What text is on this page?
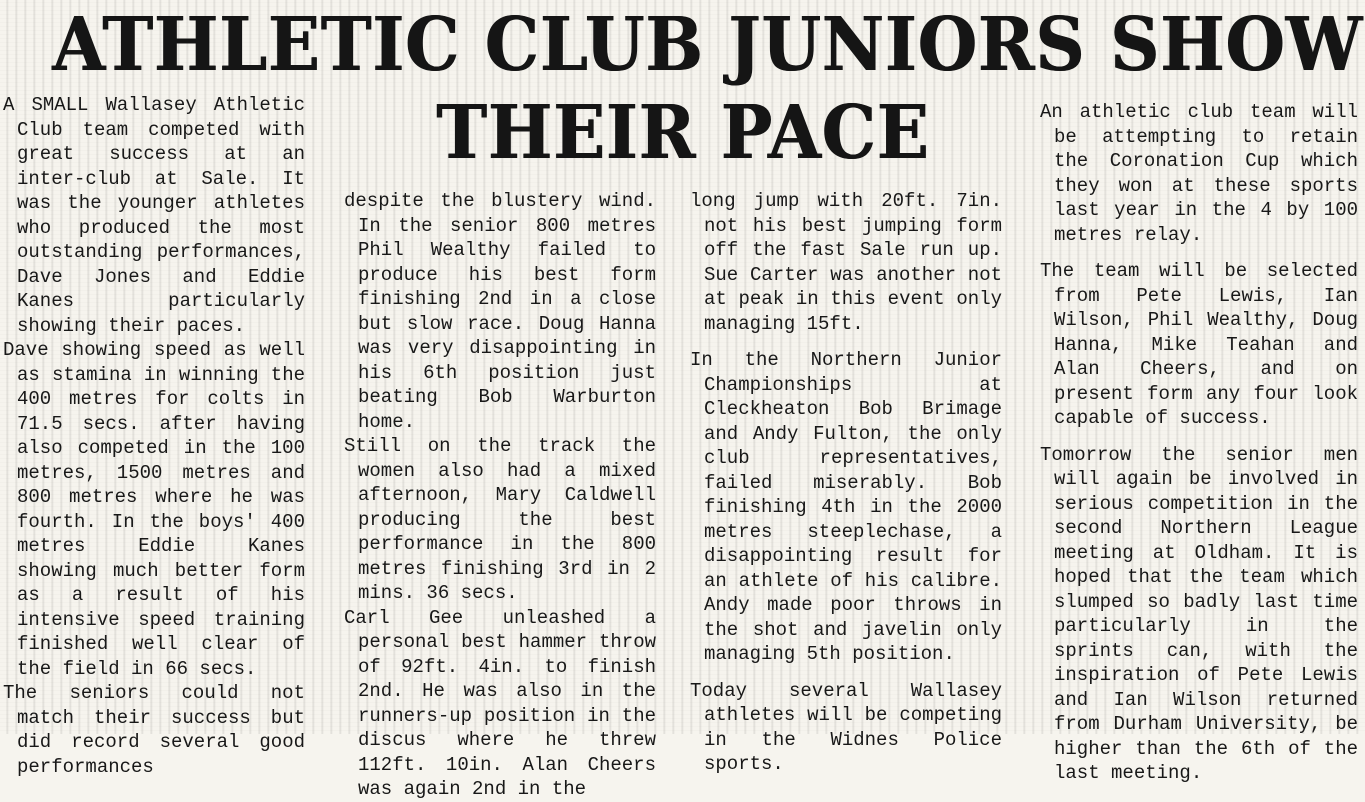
ATHLETIC CLUB JUNIORS SHOW
THEIR PACE

A SMALL Wallasey Athletic Club team competed with great success at an inter-club at Sale. It was the younger athletes who produced the most outstanding performances, Dave Jones and Eddie Kanes particularly showing their paces.

Dave showing speed as well as stamina in winning the 400 metres for colts in 71.5 secs. after having also competed in the 100 metres, 1500 metres and 800 metres where he was fourth. In the boys' 400 metres Eddie Kanes showing much better form as a result of his intensive speed training finished well clear of the field in 66 secs.

The seniors could not match their success but did record several good performances

despite the blustery wind. In the senior 800 metres Phil Wealthy failed to produce his best form finishing 2nd in a close but slow race. Doug Hanna was very disappointing in his 6th position just beating Bob Warburton home.

Still on the track the women also had a mixed afternoon, Mary Caldwell producing the best performance in the 800 metres finishing 3rd in 2 mins. 36 secs.

Carl Gee unleashed a personal best hammer throw of 92ft. 4in. to finish 2nd. He was also in the runners-up position in the discus where he threw 112ft. 10in. Alan Cheers was again 2nd in the

long jump with 20ft. 7in. not his best jumping form off the fast Sale run up. Sue Carter was another not at peak in this event only managing 15ft.

In the Northern Junior Championships at Cleckheaton Bob Brimage and Andy Fulton, the only club representatives, failed miserably. Bob finishing 4th in the 2000 metres steeplechase, a disappointing result for an athlete of his calibre. Andy made poor throws in the shot and javelin only managing 5th position.

Today several Wallasey athletes will be competing in the Widnes Police sports.

An athletic club team will be attempting to retain the Coronation Cup which they won at these sports last year in the 4 by 100 metres relay.

The team will be selected from Pete Lewis, Ian Wilson, Phil Wealthy, Doug Hanna, Mike Teahan and Alan Cheers, and on present form any four look capable of success.

Tomorrow the senior men will again be involved in serious competition in the second Northern League meeting at Oldham. It is hoped that the team which slumped so badly last time particularly in the sprints can, with the inspiration of Pete Lewis and Ian Wilson returned from Durham University, be higher than the 6th of the last meeting.
